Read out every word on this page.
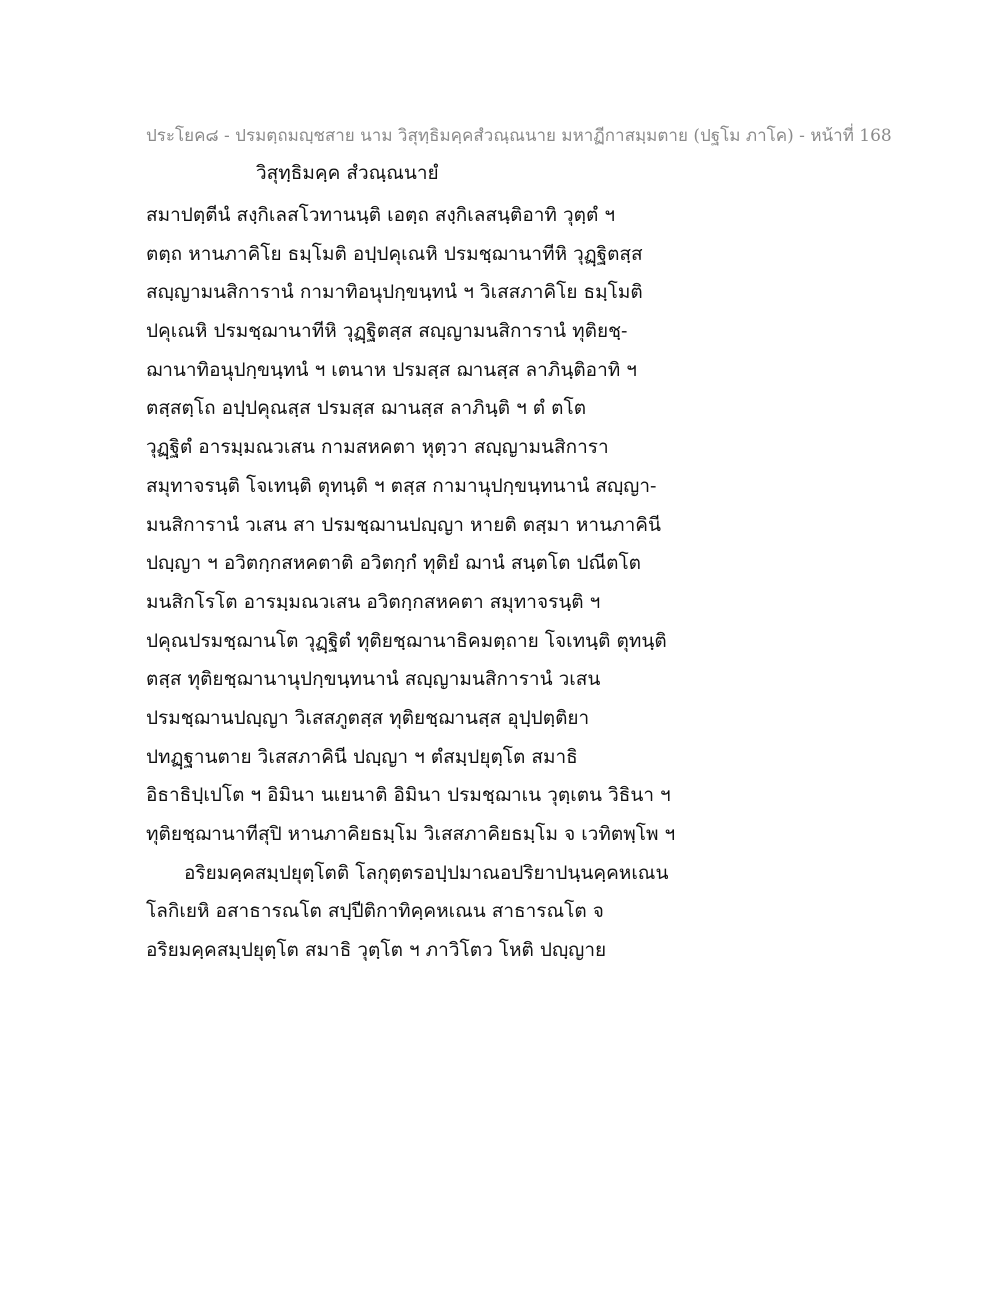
ประโยค๘ - ปรมตฺถมญฺชสาย นาม วิสุทฺธิมคฺคสํวณฺณนาย มหาฏีกาสมฺมตาย (ปฐโม ภาโค) - หน้าที่ 168
วิสุทฺธิมคฺค สํวณฺณนายํ
สมาปตฺตีนํ สงฺกิเลสโวทานนฺติ เอตฺถ สงฺกิเลสนฺติอาทิ วุตฺตํ ฯ
ตตฺถ หานภาคิโย ธมฺโมติ อปฺปคุเณหิ ปรมชฺฌานาทีหิ วุฏฺฐิตสฺส
สญฺญามนสิการานํ กามาทิอนุปกฺขนฺทนํ ฯ วิเสสภาคิโย ธมฺโมติ
ปคุเณหิ ปรมชฺฌานาทีหิ วุฏฺฐิตสฺส สญฺญามนสิการานํ ทุติยชฺ-
ฌานาทิอนุปกฺขนฺทนํ ฯ เตนาห ปรมสฺส ฌานสฺส ลาภินฺติอาทิ ฯ
ตสฺสตฺโถ อปฺปคุณสฺส ปรมสฺส ฌานสฺส ลาภินฺติ ฯ ตํ ตโต
วุฏฺฐิตํ อารมฺมณวเสน กามสหคตา หุตฺวา สญฺญามนสิการา
สมุทาจรนฺติ โจเทนฺติ ตุทนฺติ ฯ ตสฺส กามานุปกฺขนฺทนานํ สญฺญา-
มนสิการานํ วเสน สา ปรมชฺฌานปญฺญา หายติ ตสฺมา หานภาคินี
ปญฺญา ฯ อวิตกฺกสหคตาติ อวิตกฺกํ ทุติยํ ฌานํ สนฺตโต ปณีตโต
มนสิกโรโต อารมฺมณวเสน อวิตกฺกสหคตา สมุทาจรนฺติ ฯ
ปคุณปรมชฺฌานโต วุฏฺฐิตํ ทุติยชฺฌานาธิคมตฺถาย โจเทนฺติ ตุทนฺติ
ตสฺส ทุติยชฺฌานานุปกฺขนฺทนานํ สญฺญามนสิการานํ วเสน
ปรมชฺฌานปญฺญา วิเสสภูตสฺส ทุติยชฺฌานสฺส อุปฺปตฺติยา
ปทฏฺฐานตาย วิเสสภาคินี ปญฺญา ฯ ตํสมฺปยุตฺโต สมาธิ
อิธาธิปฺเปโต ฯ อิมินา นเยนาติ อิมินา ปรมชฺฌาเน วุตฺเตน วิธินา ฯ
ทุติยชฺฌานาทีสุปิ หานภาคิยธมฺโม วิเสสภาคิยธมฺโม จ เวทิตพฺโพ ฯ
อริยมคฺคสมฺปยุตฺโตติ โลกุตฺตรอปฺปมาณอปริยาปนฺนคฺคหเณน
โลกิเยหิ อสาธารณโต สปฺปีติกาทิคฺคหเณน สาธารณโต จ
อริยมคฺคสมฺปยุตฺโต สมาธิ วุตฺโต ฯ ภาวิโตว โหติ ปญฺญาย
